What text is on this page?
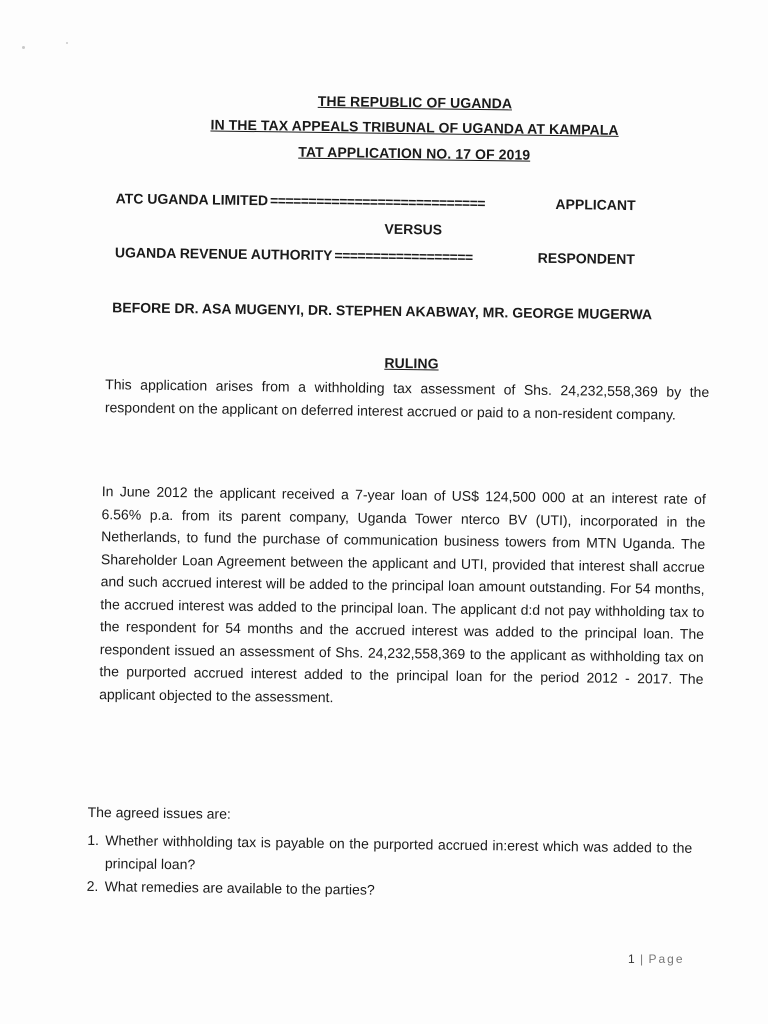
THE REPUBLIC OF UGANDA
IN THE TAX APPEALS TRIBUNAL OF UGANDA AT KAMPALA
TAT APPLICATION NO. 17 OF 2019
ATC UGANDA LIMITED ============================	APPLICANT
VERSUS
UGANDA REVENUE AUTHORITY ==================	RESPONDENT
BEFORE DR. ASA MUGENYI, DR. STEPHEN AKABWAY, MR. GEORGE MUGERWA
RULING
This application arises from a withholding tax assessment of Shs. 24,232,558,369 by the respondent on the applicant on deferred interest accrued or paid to a non-resident company.
In June 2012 the applicant received a 7-year loan of US$ 124,500 000 at an interest rate of 6.56% p.a. from its parent company, Uganda Tower nterco BV (UTI), incorporated in the Netherlands, to fund the purchase of communication business towers from MTN Uganda. The Shareholder Loan Agreement between the applicant and UTI, provided that interest shall accrue and such accrued interest will be added to the principal loan amount outstanding. For 54 months, the accrued interest was added to the principal loan. The applicant d:d not pay withholding tax to the respondent for 54 months and the accrued interest was added to the principal loan. The respondent issued an assessment of Shs. 24,232,558,369 to the applicant as withholding tax on the purported accrued interest added to the principal loan for the period 2012 - 2017. The applicant objected to the assessment.
The agreed issues are:
1. Whether withholding tax is payable on the purported accrued in:erest which was added to the principal loan?
2. What remedies are available to the parties?
1 | Page
